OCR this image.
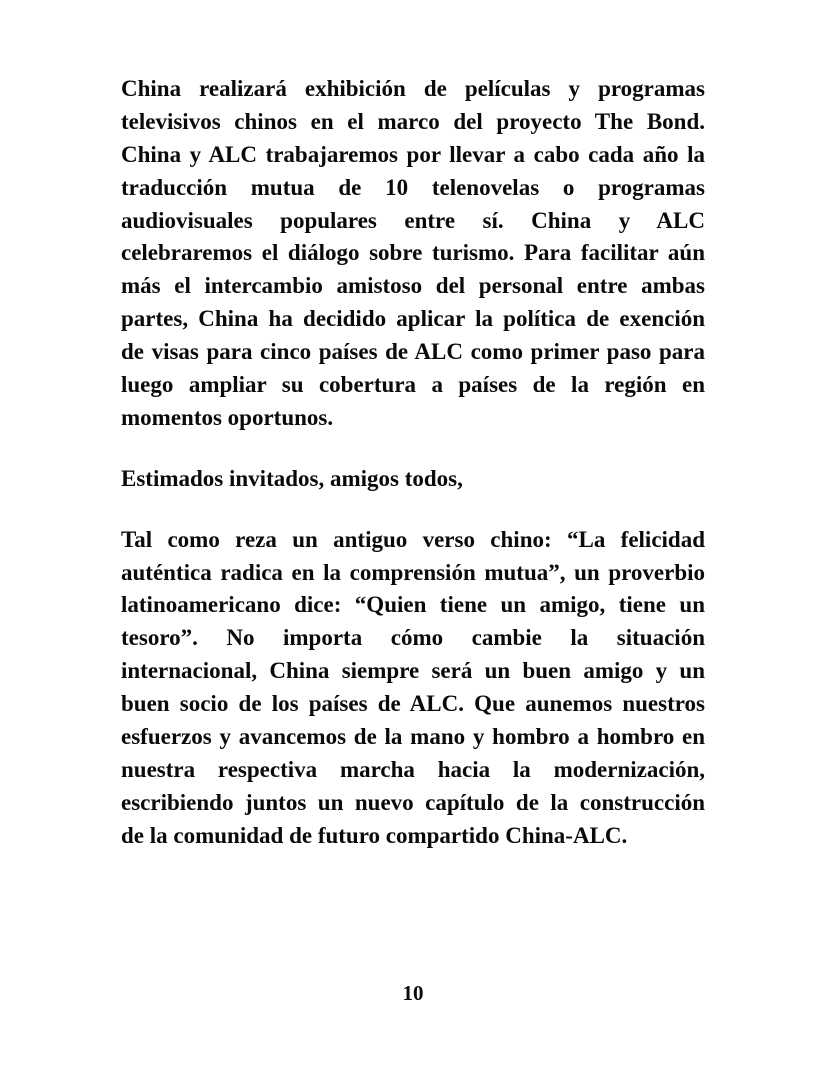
China realizará exhibición de películas y programas
televisivos chinos en el marco del proyecto The Bond.
China y ALC trabajaremos por llevar a cabo cada año la
traducción mutua de 10 telenovelas o programas
audiovisuales populares entre sí. China y ALC
celebraremos el diálogo sobre turismo. Para facilitar aún
más el intercambio amistoso del personal entre ambas
partes, China ha decidido aplicar la política de exención
de visas para cinco países de ALC como primer paso para
luego ampliar su cobertura a países de la región en
momentos oportunos.
Estimados invitados, amigos todos,
Tal como reza un antiguo verso chino: “La felicidad
auténtica radica en la comprensión mutua”, un proverbio
latinoamericano dice: “Quien tiene un amigo, tiene un
tesoro”. No importa cómo cambie la situación
internacional, China siempre será un buen amigo y un
buen socio de los países de ALC. Que aunemos nuestros
esfuerzos y avancemos de la mano y hombro a hombro en
nuestra respectiva marcha hacia la modernización,
escribiendo juntos un nuevo capítulo de la construcción
de la comunidad de futuro compartido China-ALC.
10
